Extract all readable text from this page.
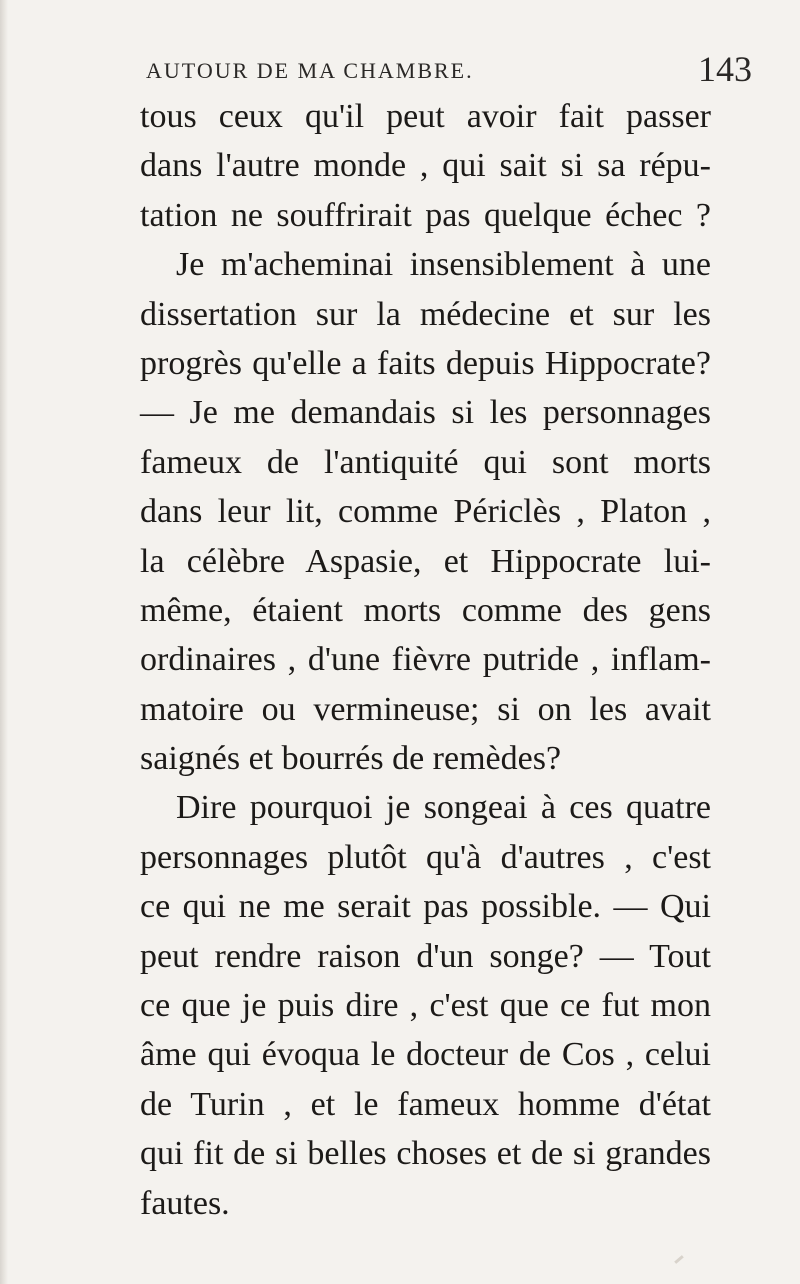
AUTOUR DE MA CHAMBRE.	143
tous ceux qu'il peut avoir fait passer
dans l'autre monde , qui sait si sa répu-
tation ne souffrirait pas quelque échec ?
Je m'acheminai insensiblement à une
dissertation sur la médecine et sur les
progrès qu'elle a faits depuis Hippocrate?
— Je me demandais si les personnages
fameux de l'antiquité qui sont morts
dans leur lit, comme Périclès , Platon ,
la célèbre Aspasie, et Hippocrate lui-
même, étaient morts comme des gens
ordinaires , d'une fièvre putride , inflam-
matoire ou vermineuse; si on les avait
saignés et bourrés de remèdes?
Dire pourquoi je songeai à ces quatre
personnages plutôt qu'à d'autres , c'est
ce qui ne me serait pas possible. — Qui
peut rendre raison d'un songe? — Tout
ce que je puis dire , c'est que ce fut mon
âme qui évoqua le docteur de Cos , celui
de Turin , et le fameux homme d'état
qui fit de si belles choses et de si grandes
fautes.
